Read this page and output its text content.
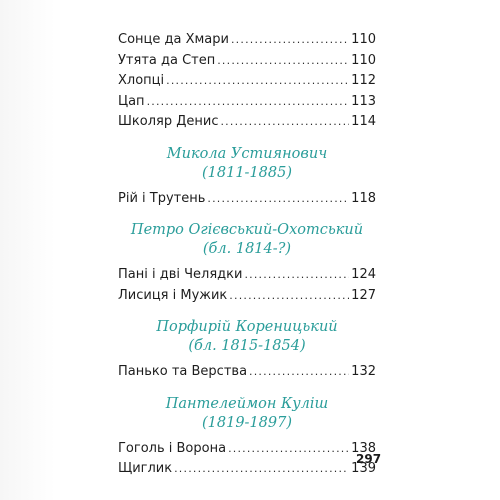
Сонце да Хмари .....	110
Утята да Степ .....	110
Хлопці .....	112
Цап .....	113
Школяр Денис .....	114
Микола Устиянович
(1811-1885)
Рій і Трутень .....	118
Петро Огієвський-Охотський
(бл. 1814-?)
Пані і дві Челядки .....	124
Лисиця і Мужик .....	127
Порфирій Кореницький
(бл. 1815-1854)
Панько та Верства .....	132
Пантелеймон Куліш
(1819-1897)
Гоголь і Ворона .....	138
Щиглик .....	139
297
